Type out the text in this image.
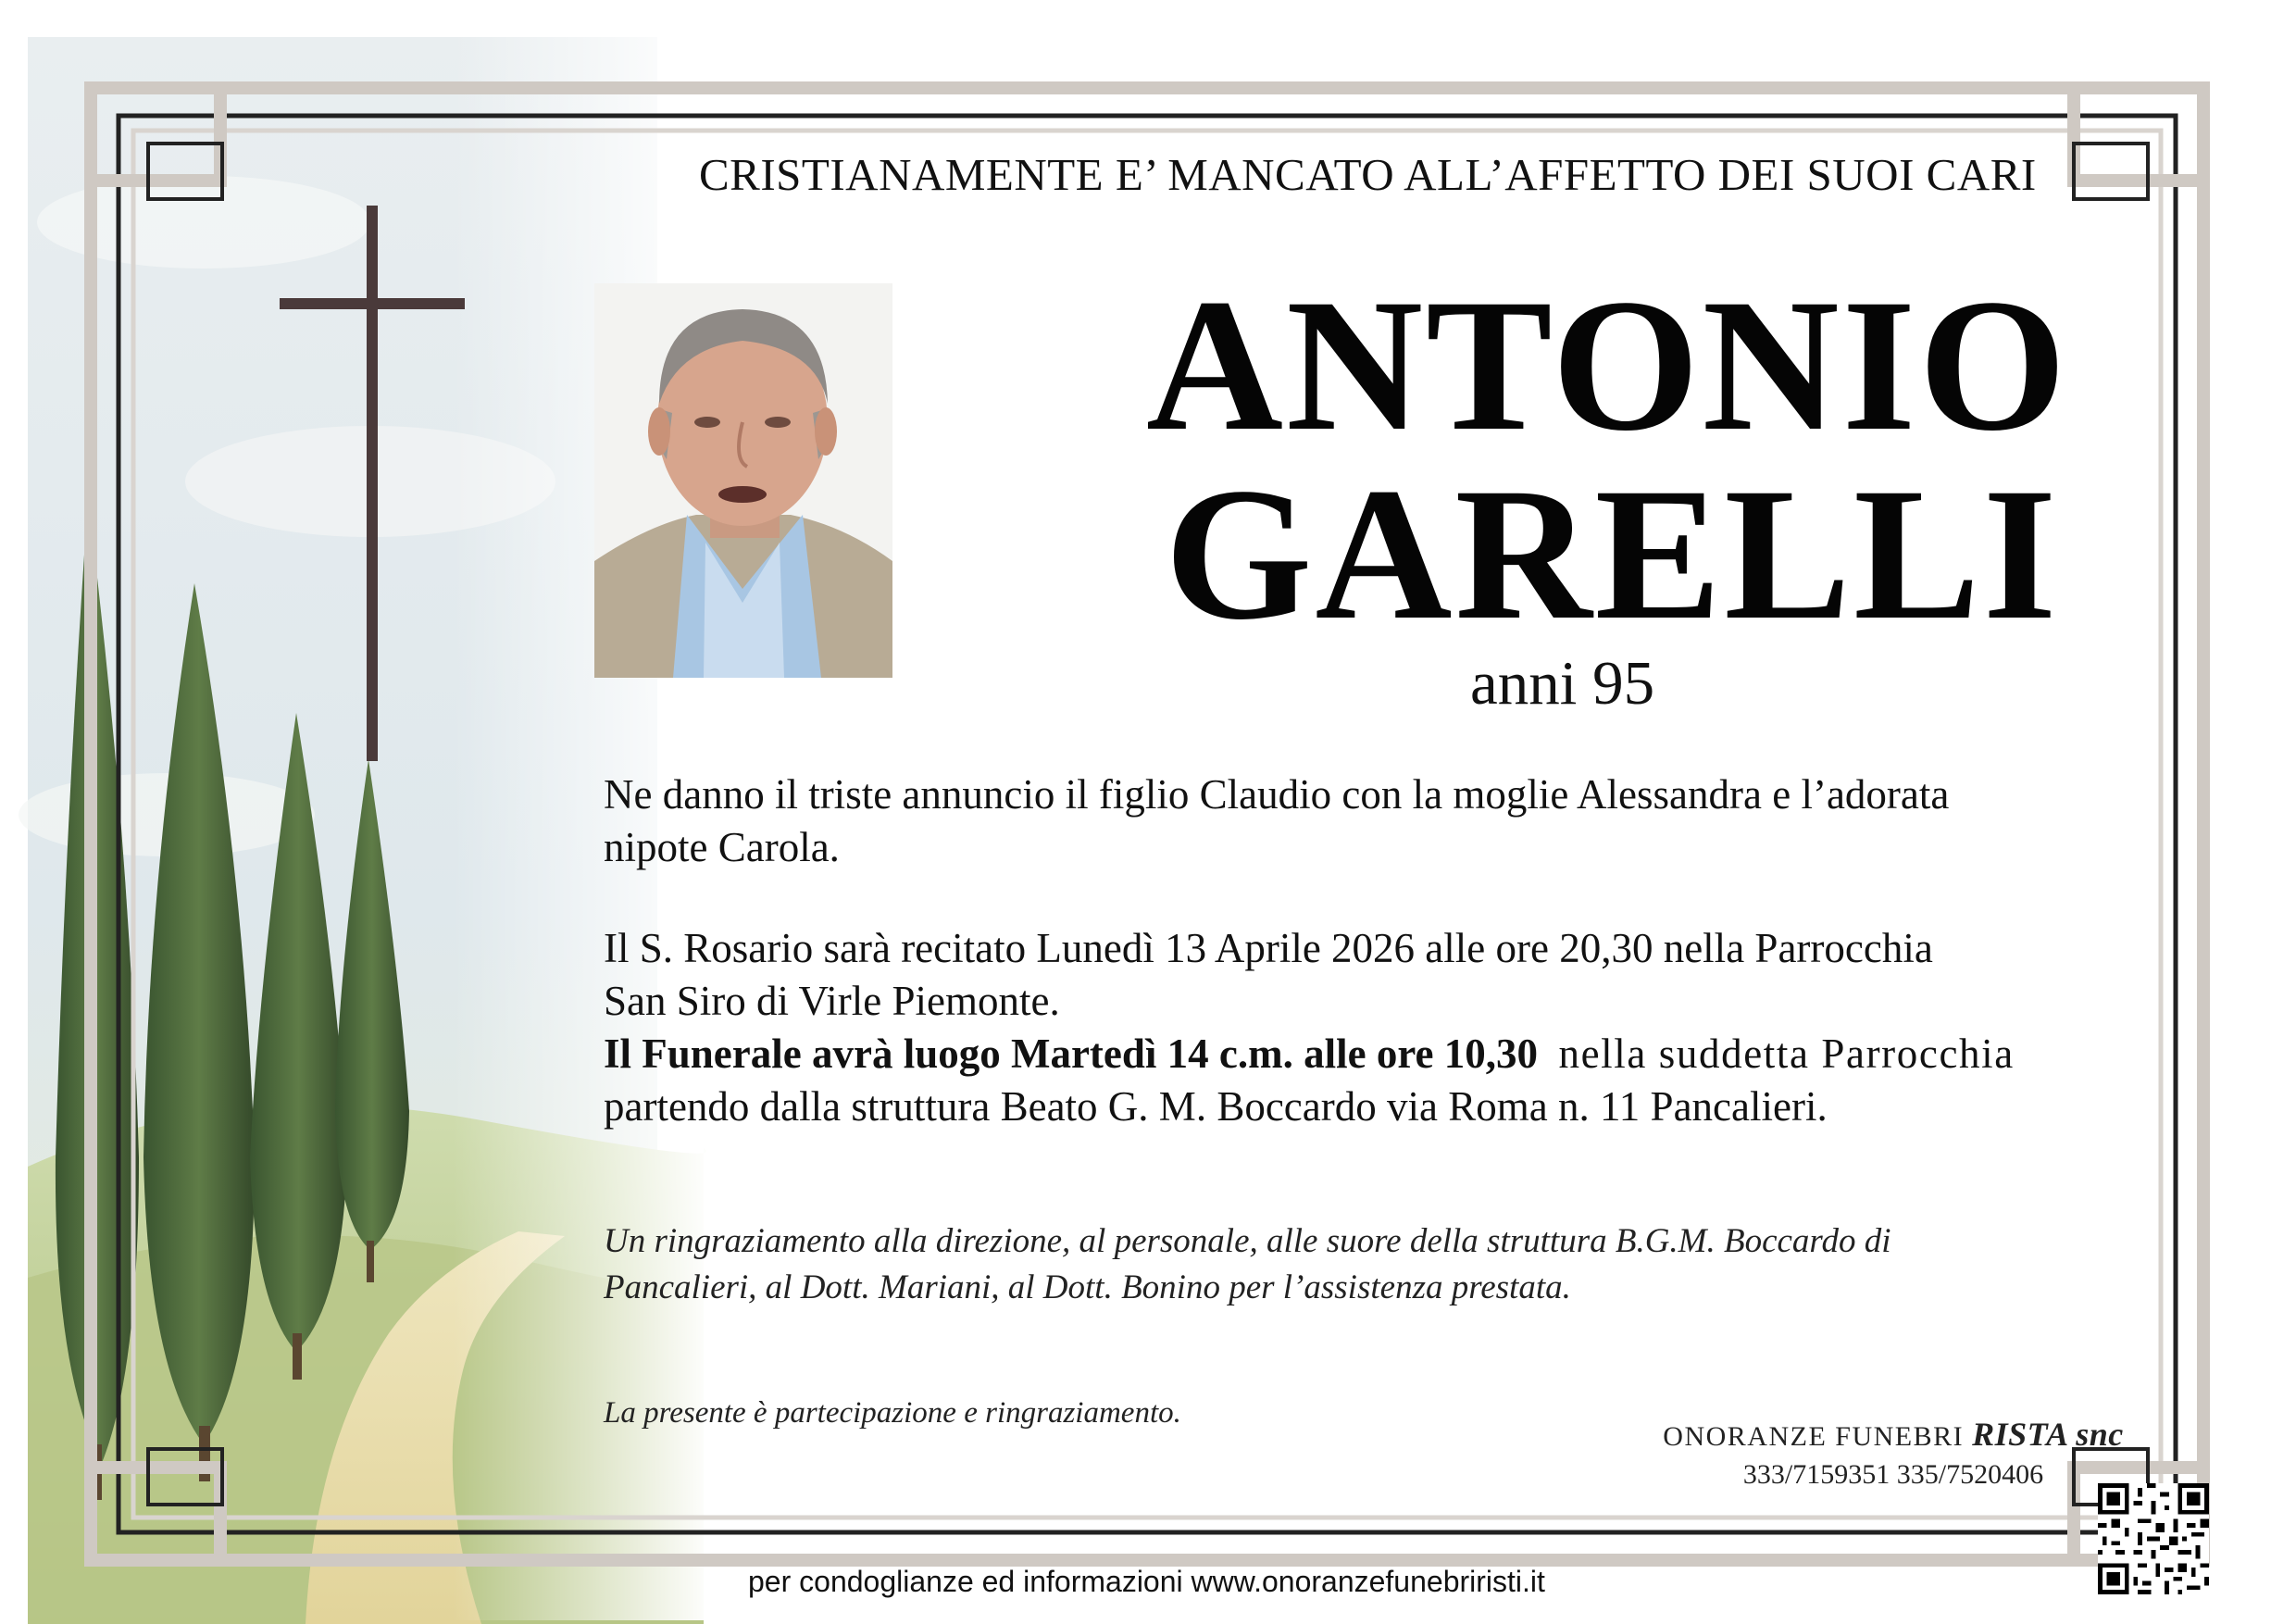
CRISTIANAMENTE E’ MANCATO ALL’AFFETTO DEI SUOI CARI
ANTONIO
GARELLI
anni 95
Ne danno il triste annuncio il figlio Claudio con la moglie Alessandra e l’adorata
nipote Carola.
Il S. Rosario sarà recitato Lunedì 13 Aprile 2026 alle ore 20,30 nella Parrocchia
San Siro di Virle Piemonte.
Il Funerale avrà luogo Martedì 14 c.m. alle ore 10,30 nella suddetta Parrocchia
partendo dalla struttura Beato G. M. Boccardo via Roma n. 11 Pancalieri.
Un ringraziamento alla direzione, al personale, alle suore della struttura B.G.M. Boccardo di
Pancalieri, al Dott. Mariani, al Dott. Bonino per l’assistenza prestata.
La presente è partecipazione e ringraziamento.
ONORANZE FUNEBRI RISTA snc
333/7159351 335/7520406
per condoglianze ed informazioni www.onoranzefunebriristi.it
